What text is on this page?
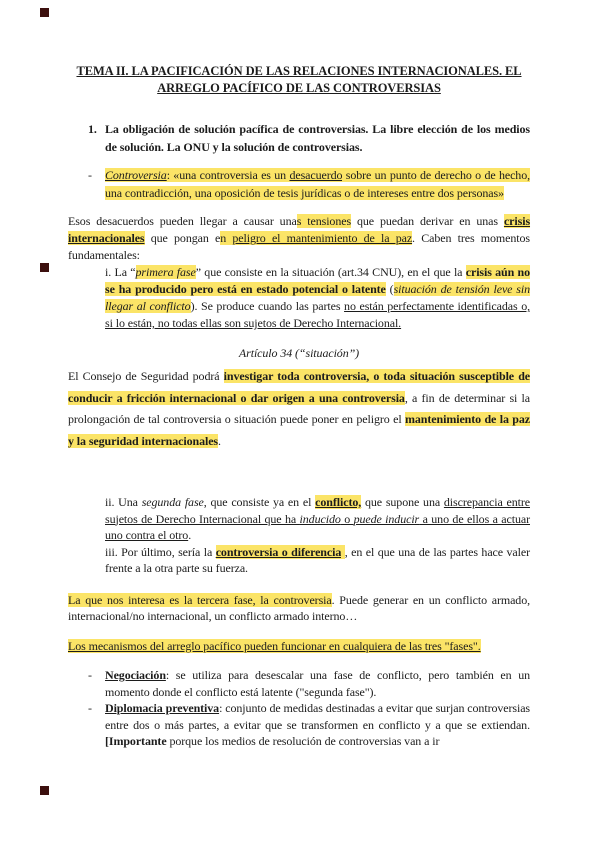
TEMA II. LA PACIFICACIÓN DE LAS RELACIONES INTERNACIONALES. EL ARREGLO PACÍFICO DE LAS CONTROVERSIAS
1. La obligación de solución pacífica de controversias. La libre elección de los medios de solución. La ONU y la solución de controversias.

- Controversia: «una controversia es un desacuerdo sobre un punto de derecho o de hecho, una contradicción, una oposición de tesis jurídicas o de intereses entre dos personas»

Esos desacuerdos pueden llegar a causar unas tensiones que puedan derivar en unas crisis internacionales que pongan en peligro el mantenimiento de la paz. Caben tres momentos fundamentales:

i. La “primera fase” que consiste en la situación (art.34 CNU), en el que la crisis aún no se ha producido pero está en estado potencial o latente (situación de tensión leve sin llegar al conflicto). Se produce cuando las partes no están perfectamente identificadas o, si lo están, no todas ellas son sujetos de Derecho Internacional.

Artículo 34 (“situación”)

El Consejo de Seguridad podrá investigar toda controversia, o toda situación susceptible de conducir a fricción internacional o dar origen a una controversia, a fin de determinar si la prolongación de tal controversia o situación puede poner en peligro el mantenimiento de la paz y la seguridad internacionales.

ii. Una segunda fase, que consiste ya en el conflicto, que supone una discrepancia entre sujetos de Derecho Internacional que ha inducido o puede inducir a uno de ellos a actuar uno contra el otro.

iii. Por último, sería la controversia o diferencia , en el que una de las partes hace valer frente a la otra parte su fuerza.

La que nos interesa es la tercera fase, la controversia. Puede generar en un conflicto armado, internacional/no internacional, un conflicto armado interno…

Los mecanismos del arreglo pacífico pueden funcionar en cualquiera de las tres "fases".

- Negociación: se utiliza para desescalar una fase de conflicto, pero también en un momento donde el conflicto está latente ("segunda fase").

- Diplomacia preventiva: conjunto de medidas destinadas a evitar que surjan controversias entre dos o más partes, a evitar que se transformen en conflicto y a que se extiendan. [Importante porque los medios de resolución de controversias van a ir
